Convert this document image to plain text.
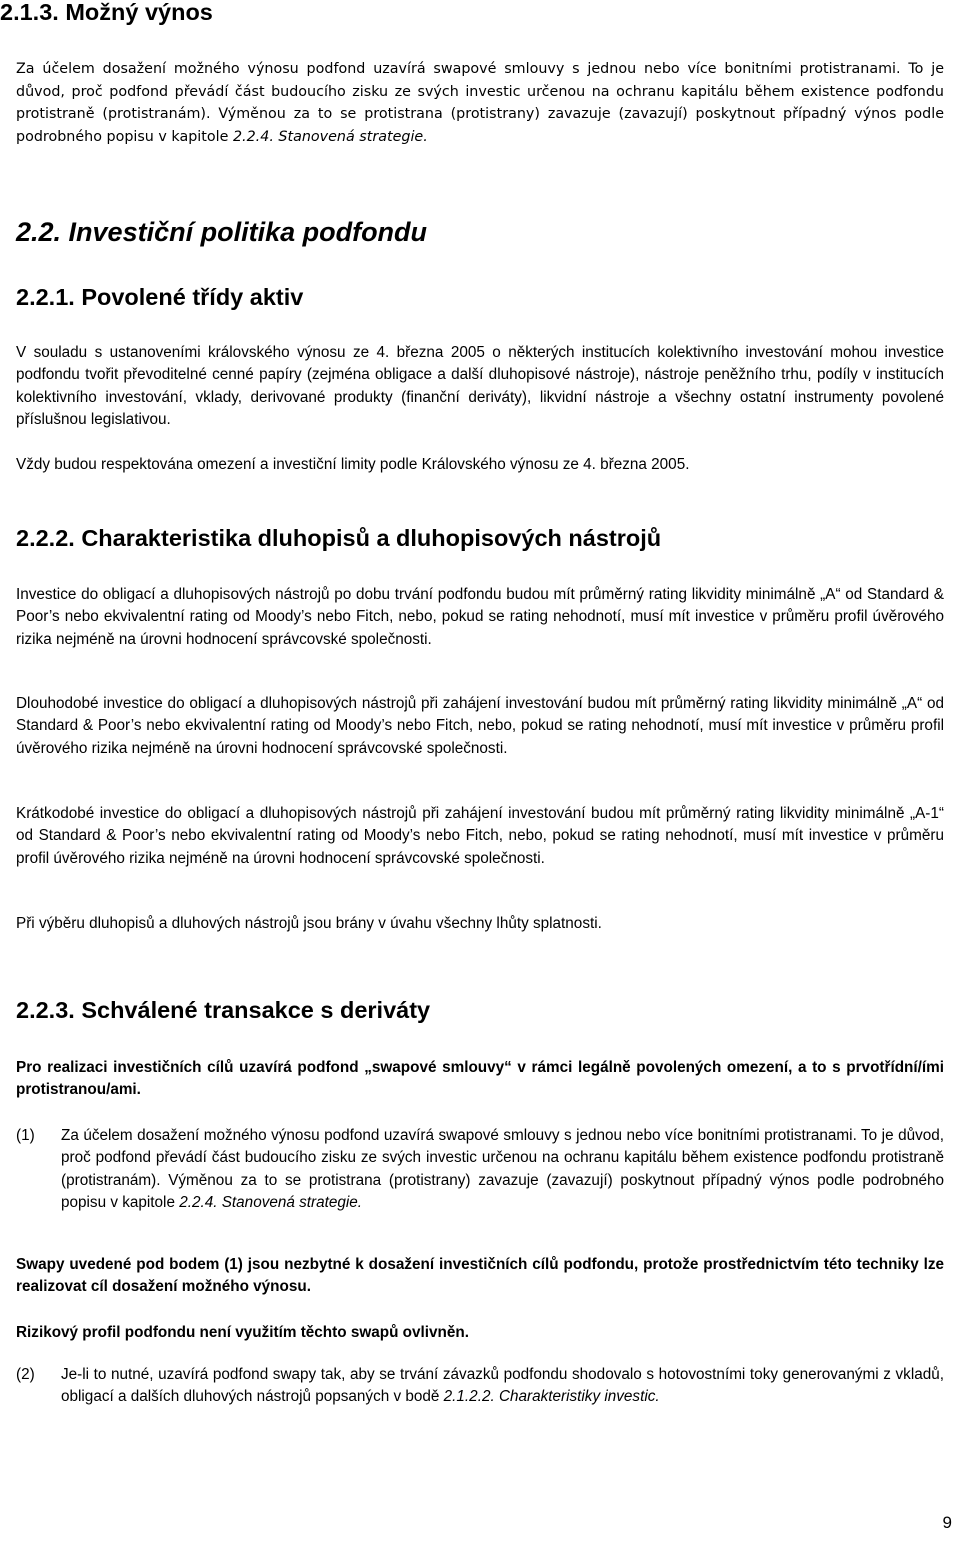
2.1.3. Možný výnos

Za účelem dosažení možného výnosu podfond uzavírá swapové smlouvy s jednou nebo více bonitními protistranami. To je důvod, proč podfond převádí část budoucího zisku ze svých investic určenou na ochranu kapitálu během existence podfondu protistraně (protistranám). Výměnou za to se protistrana (protistrany) zavazuje (zavazují) poskytnout případný výnos podle podrobného popisu v kapitole 2.2.4. Stanovená strategie.

2.2. Investiční politika podfondu
2.2.1. Povolené třídy aktiv

V souladu s ustanoveními královského výnosu ze 4. března 2005 o některých institucích kolektivního investování mohou investice podfondu tvořit převoditelné cenné papíry (zejména obligace a další dluhopisové nástroje), nástroje peněžního trhu, podíly v institucích kolektivního investování, vklady, derivované produkty (finanční deriváty), likvidní nástroje a všechny ostatní instrumenty povolené příslušnou legislativou.

Vždy budou respektována omezení a investiční limity podle Královského výnosu ze 4. března 2005.

2.2.2. Charakteristika dluhopisů a dluhopisových nástrojů

Investice do obligací a dluhopisových nástrojů po dobu trvání podfondu budou mít průměrný rating likvidity minimálně „A“ od Standard & Poor’s nebo ekvivalentní rating od Moody’s nebo Fitch, nebo, pokud se rating nehodnotí, musí mít investice v průměru profil úvěrového rizika nejméně na úrovni hodnocení správcovské společnosti.

Dlouhodobé investice do obligací a dluhopisových nástrojů při zahájení investování budou mít průměrný rating likvidity minimálně „A“ od Standard & Poor’s nebo ekvivalentní rating od Moody’s nebo Fitch, nebo, pokud se rating nehodnotí, musí mít investice v průměru profil úvěrového rizika nejméně na úrovni hodnocení správcovské společnosti.

Krátkodobé investice do obligací a dluhopisových nástrojů při zahájení investování budou mít průměrný rating likvidity minimálně „A-1“ od Standard & Poor’s nebo ekvivalentní rating od Moody’s nebo Fitch, nebo, pokud se rating nehodnotí, musí mít investice v průměru profil úvěrového rizika nejméně na úrovni hodnocení správcovské společnosti.

Při výběru dluhopisů a dluhových nástrojů jsou brány v úvahu všechny lhůty splatnosti.

2.2.3. Schválené transakce s deriváty

Pro realizaci investičních cílů uzavírá podfond „swapové smlouvy“ v rámci legálně povolených omezení, a to s prvotřídní/ími protistranou/ami.

(1) Za účelem dosažení možného výnosu podfond uzavírá swapové smlouvy s jednou nebo více bonitními protistranami. To je důvod, proč podfond převádí část budoucího zisku ze svých investic určenou na ochranu kapitálu během existence podfondu protistraně (protistranám). Výměnou za to se protistrana (protistrany) zavazuje (zavazují) poskytnout případný výnos podle podrobného popisu v kapitole 2.2.4. Stanovená strategie.

Swapy uvedené pod bodem (1) jsou nezbytné k dosažení investičních cílů podfondu, protože prostřednictvím této techniky lze realizovat cíl dosažení možného výnosu.

Rizikový profil podfondu není využitím těchto swapů ovlivněn.

(2) Je-li to nutné, uzavírá podfond swapy tak, aby se trvání závazků podfondu shodovalo s hotovostními toky generovanými z vkladů, obligací a dalších dluhových nástrojů popsaných v bodě 2.1.2.2. Charakteristiky investic.
9
